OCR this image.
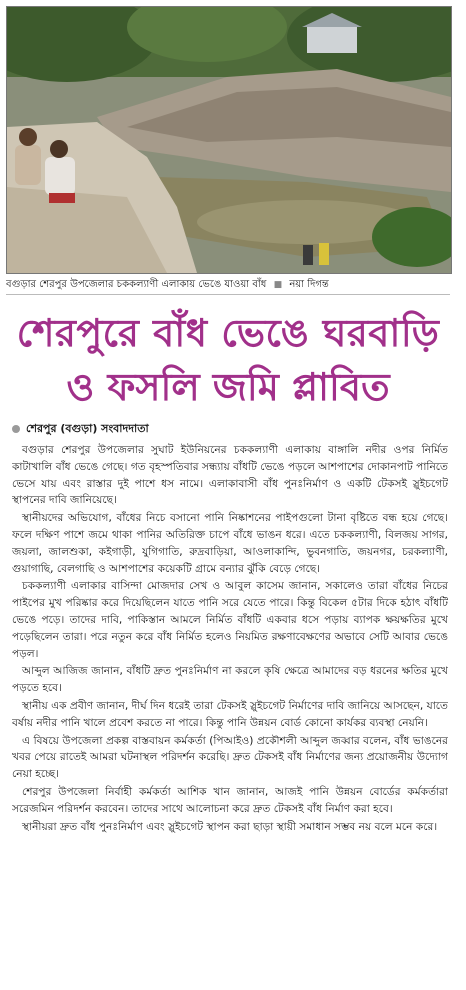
বগুড়ার শেরপুর উপজেলার চককল্যাণী এলাকায় ভেঙে যাওয়া বাঁধ ■ নয়া দিগন্ত
শেরপুরে বাঁধ ভেঙে ঘরবাড়ি
ও ফসলি জমি প্লাবিত
শেরপুর (বগুড়া) সংবাদদাতা

বগুড়ার শেরপুর উপজেলার সুঘাট ইউনিয়নের চককল্যাণী এলাকায় বাঙ্গালি নদীর ওপর নির্মিত কাটাখালি বাঁধ ভেঙে গেছে। গত বৃহস্পতিবার সন্ধ্যায় বাঁধটি ভেঙে পড়লে আশপাশের দোকানপাট পানিতে ভেসে যায় এবং রাস্তার দুই পাশে ধস নামে। এলাকাবাসী বাঁধ পুনঃনির্মাণ ও একটি টেকসই স্লুইচগেট স্থাপনের দাবি জানিয়েছে।

স্থানীয়দের অভিযোগ, বাঁধের নিচে বসানো পানি নিষ্কাশনের পাইপগুলো টানা বৃষ্টিতে বন্ধ হয়ে গেছে। ফলে দক্ষিণ পাশে জমে থাকা পানির অতিরিক্ত চাপে বাঁধে ভাঙন ধরে। এতে চককল্যাণী, বিলজয় সাগর, জয়লা, জালশুকা, কইগাড়ী, যুগিগাতি, রুদ্রবাড়িয়া, আওলাকান্দি, ভুবনগাতি, জয়নগর, চরকল্যাণী, গুয়াগাছি, বেলগাছি ও আশপাশের কয়েকটি গ্রামে বন্যার ঝুঁকি বেড়ে গেছে।

চককল্যাণী এলাকার বাসিন্দা মোজদার সেখ ও আবুল কাসেম জানান, সকালেও তারা বাঁধের নিচের পাইপের মুখ পরিষ্কার করে দিয়েছিলেন যাতে পানি সরে যেতে পারে। কিন্তু বিকেল ৫টার দিকে হঠাৎ বাঁধটি ভেঙে পড়ে। তাদের দাবি, পাকিস্তান আমলে নির্মিত বাঁধটি একবার ধসে পড়ায় ব্যাপক ক্ষয়ক্ষতির মুখে পড়েছিলেন তারা। পরে নতুন করে বাঁধ নির্মিত হলেও নিয়মিত রক্ষণাবেক্ষণের অভাবে সেটি আবার ভেঙে পড়ল।

আব্দুল আজিজ জানান, বাঁধটি দ্রুত পুনঃনির্মাণ না করলে কৃষি ক্ষেত্রে আমাদের বড় ধরনের ক্ষতির মুখে পড়তে হবে।

স্থানীয় এক প্রবীণ জানান, দীর্ঘ দিন ধরেই তারা টেকসই স্লুইচগেট নির্মাণের দাবি জানিয়ে আসছেন, যাতে বর্ষায় নদীর পানি খালে প্রবেশ করতে না পারে। কিন্তু পানি উন্নয়ন বোর্ড কোনো কার্যকর ব্যবস্থা নেয়নি।

এ বিষয়ে উপজেলা প্রকল্প বাস্তবায়ন কর্মকর্তা (পিআইও) প্রকৌশলী আব্দুল জব্বার বলেন, বাঁধ ভাঙনের খবর পেয়ে রাতেই আমরা ঘটনাস্থল পরিদর্শন করেছি। দ্রুত টেকসই বাঁধ নির্মাণের জন্য প্রয়োজনীয় উদ্যোগ নেয়া হচ্ছে।

শেরপুর উপজেলা নির্বাহী কর্মকর্তা আশিক খান জানান, আজই পানি উন্নয়ন বোর্ডের কর্মকর্তারা সরেজমিন পরিদর্শন করবেন। তাদের সাথে আলোচনা করে দ্রুত টেকসই বাঁধ নির্মাণ করা হবে।

স্থানীয়রা দ্রুত বাঁধ পুনঃনির্মাণ এবং স্লুইচগেট স্থাপন করা ছাড়া স্থায়ী সমাধান সম্ভব নয় বলে মনে করে।
